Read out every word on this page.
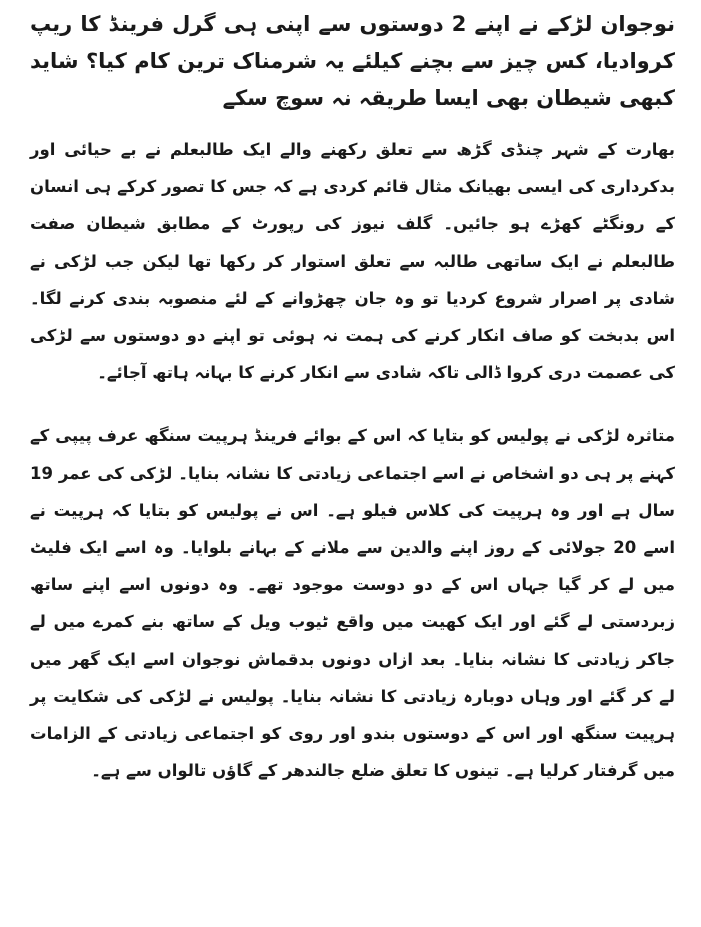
نوجوان لڑکے نے اپنے 2 دوستوں سے اپنی ہی گرل فرینڈ کا ریپ کروادیا، کس چیز سے بچنے کیلئے یہ شرمناک ترین کام کیا؟ شاید کبھی شیطان بھی ایسا طریقہ نہ سوچ سکے

بھارت کے شہر چنڈی گڑھ سے تعلق رکھنے والے ایک طالبعلم نے بے حیائی اور بدکرداری کی ایسی بھیانک مثال قائم کردی ہے کہ جس کا تصور کرکے ہی انسان کے رونگٹے کھڑے ہو جائیں۔ گلف نیوز کی رپورٹ کے مطابق شیطان صفت طالبعلم نے ایک ساتھی طالبہ سے تعلق استوار کر رکھا تھا لیکن جب لڑکی نے شادی پر اصرار شروع کردیا تو وہ جان چھڑوانے کے لئے منصوبہ بندی کرنے لگا۔ اس بدبخت کو صاف انکار کرنے کی ہمت نہ ہوئی تو اپنے دو دوستوں سے لڑکی کی عصمت دری کروا ڈالی تاکہ شادی سے انکار کرنے کا بہانہ ہاتھ آجائے۔

متاثرہ لڑکی نے پولیس کو بتایا کہ اس کے بوائے فرینڈ ہرپیت سنگھ عرف پیپی کے کہنے پر ہی دو اشخاص نے اسے اجتماعی زیادتی کا نشانہ بنایا۔ لڑکی کی عمر 19 سال ہے اور وہ ہرپیت کی کلاس فیلو ہے۔ اس نے پولیس کو بتایا کہ ہرپیت نے اسے 20 جولائی کے روز اپنے والدین سے ملانے کے بہانے بلوایا۔ وہ اسے ایک فلیٹ میں لے کر گیا جہاں اس کے دو دوست موجود تھے۔ وہ دونوں اسے اپنے ساتھ زبردستی لے گئے اور ایک کھیت میں واقع ٹیوب ویل کے ساتھ بنے کمرے میں لے جاکر زیادتی کا نشانہ بنایا۔ بعد ازاں دونوں بدقماش نوجوان اسے ایک گھر میں لے کر گئے اور وہاں دوبارہ زیادتی کا نشانہ بنایا۔ پولیس نے لڑکی کی شکایت پر ہرپیت سنگھ اور اس کے دوستوں بندو اور روی کو اجتماعی زیادتی کے الزامات میں گرفتار کرلیا ہے۔ تینوں کا تعلق ضلع جالندھر کے گاؤں تالواں سے ہے۔
